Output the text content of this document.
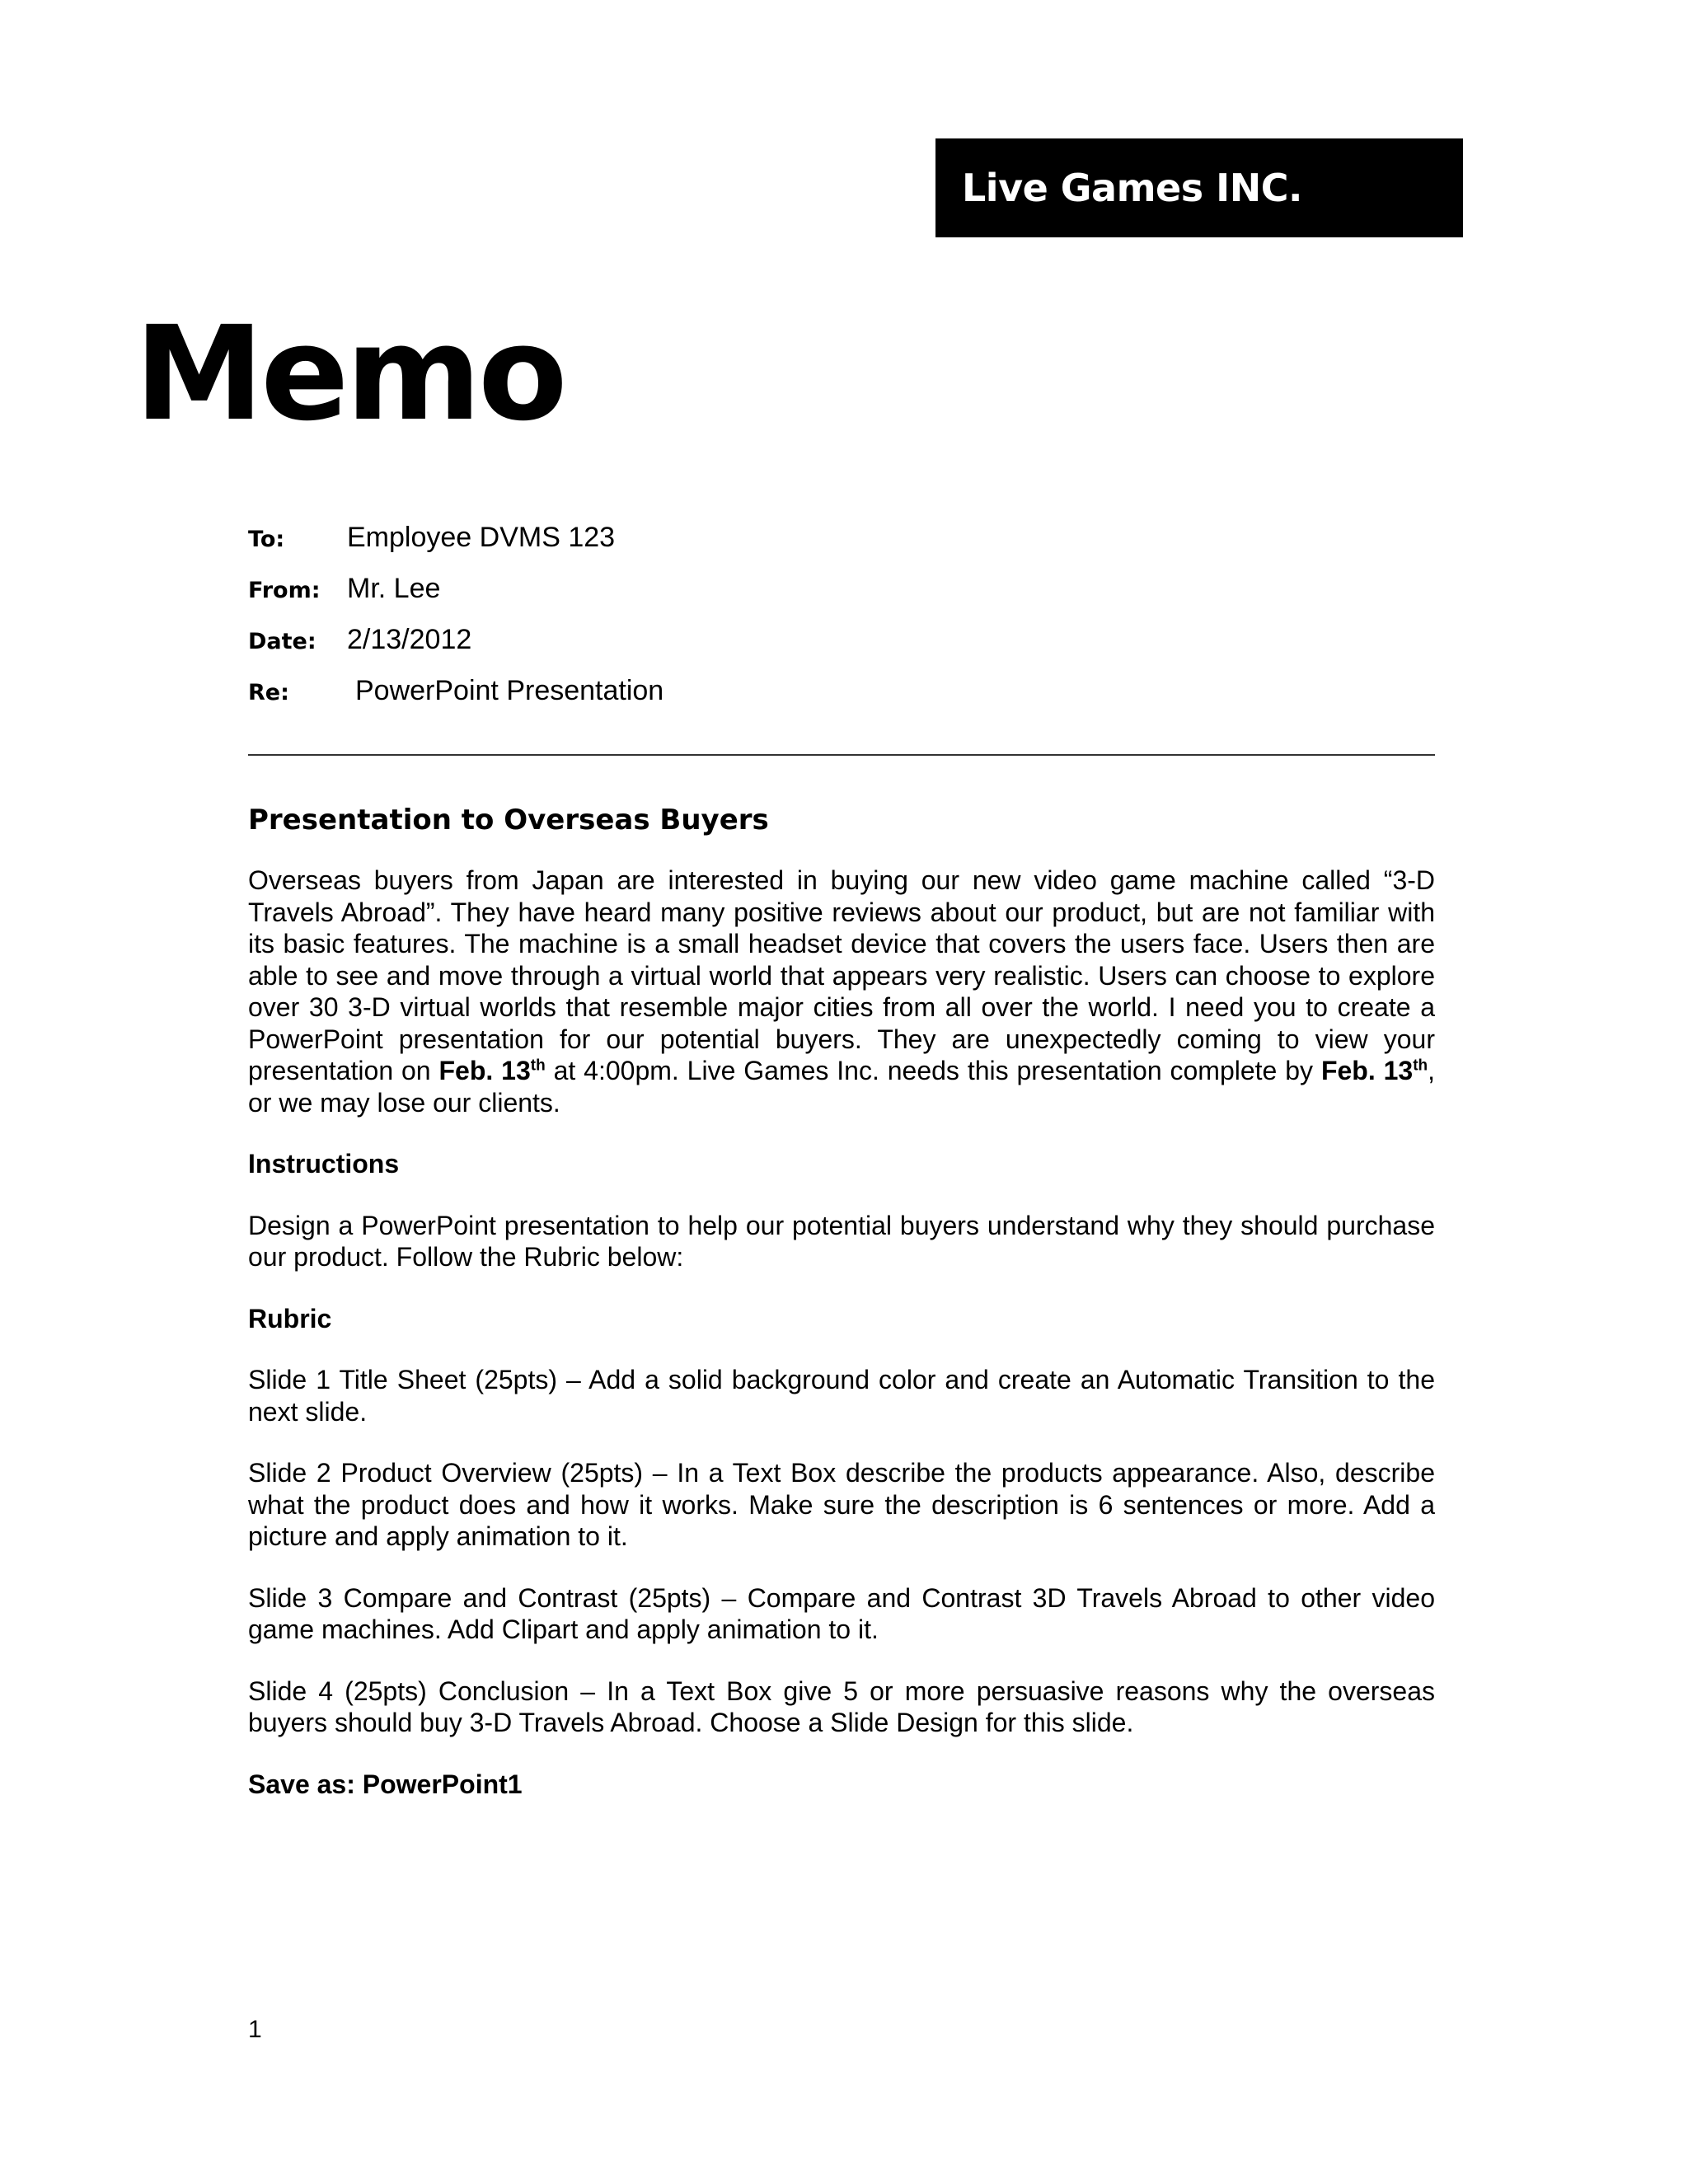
Live Games INC.
Memo
To: Employee DVMS 123
From: Mr. Lee
Date: 2/13/2012
Re: PowerPoint Presentation
Presentation to Overseas Buyers

Overseas buyers from Japan are interested in buying our new video game machine called “3-D Travels Abroad”. They have heard many positive reviews about our product, but are not familiar with its basic features. The machine is a small headset device that covers the users face. Users then are able to see and move through a virtual world that appears very realistic. Users can choose to explore over 30 3-D virtual worlds that resemble major cities from all over the world. I need you to create a PowerPoint presentation for our potential buyers. They are unexpectedly coming to view your presentation on Feb. 13th at 4:00pm. Live Games Inc. needs this presentation complete by Feb. 13th, or we may lose our clients.

Instructions

Design a PowerPoint presentation to help our potential buyers understand why they should purchase our product. Follow the Rubric below:

Rubric

Slide 1 Title Sheet (25pts) – Add a solid background color and create an Automatic Transition to the next slide.

Slide 2 Product Overview (25pts) – In a Text Box describe the products appearance. Also, describe what the product does and how it works. Make sure the description is 6 sentences or more. Add a picture and apply animation to it.

Slide 3 Compare and Contrast (25pts) – Compare and Contrast 3D Travels Abroad to other video game machines. Add Clipart and apply animation to it.

Slide 4 (25pts) Conclusion – In a Text Box give 5 or more persuasive reasons why the overseas buyers should buy 3-D Travels Abroad. Choose a Slide Design for this slide.

Save as: PowerPoint1

1
